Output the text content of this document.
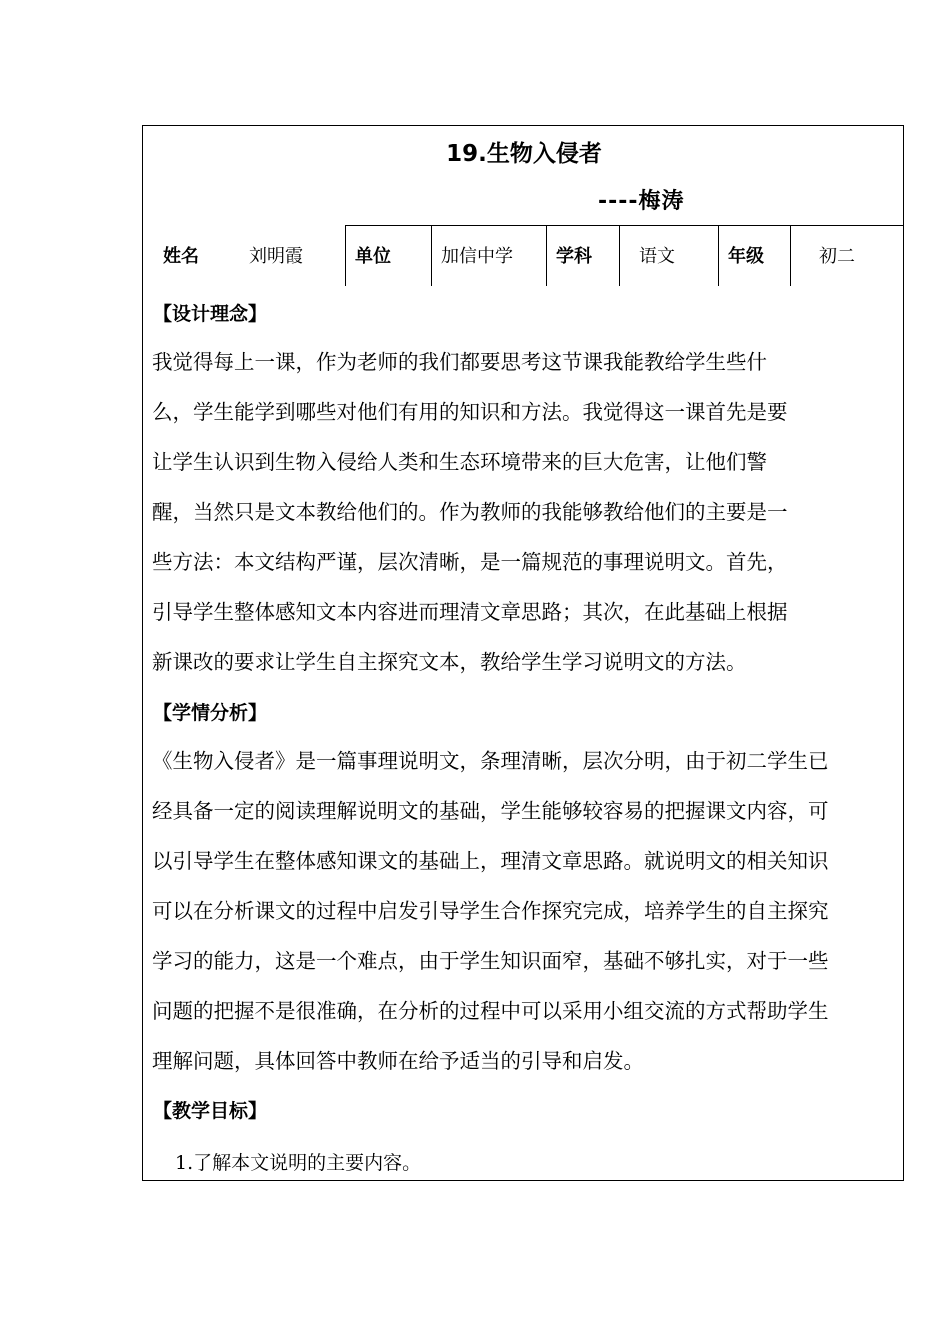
19.生物入侵者
----梅涛
姓名	刘明霞	单位	加信中学 学科	语文	年级	初二
【设计理念】
我觉得每上一课，作为老师的我们都要思考这节课我能教给学生些什
么，学生能学到哪些对他们有用的知识和方法。我觉得这一课首先是要
让学生认识到生物入侵给人类和生态环境带来的巨大危害，让他们警
醒，当然只是文本教给他们的。作为教师的我能够教给他们的主要是一
些方法：本文结构严谨，层次清晰，是一篇规范的事理说明文。首先，
引导学生整体感知文本内容进而理清文章思路；其次，在此基础上根据
新课改的要求让学生自主探究文本，教给学生学习说明文的方法。
【学情分析】
《生物入侵者》是一篇事理说明文，条理清晰，层次分明，由于初二学生已
经具备一定的阅读理解说明文的基础，学生能够较容易的把握课文内容，可
以引导学生在整体感知课文的基础上，理清文章思路。就说明文的相关知识
可以在分析课文的过程中启发引导学生合作探究完成，培养学生的自主探究
学习的能力，这是一个难点，由于学生知识面窄，基础不够扎实，对于一些
问题的把握不是很准确，在分析的过程中可以采用小组交流的方式帮助学生
理解问题，具体回答中教师在给予适当的引导和启发。
【教学目标】
1.了解本文说明的主要内容。
